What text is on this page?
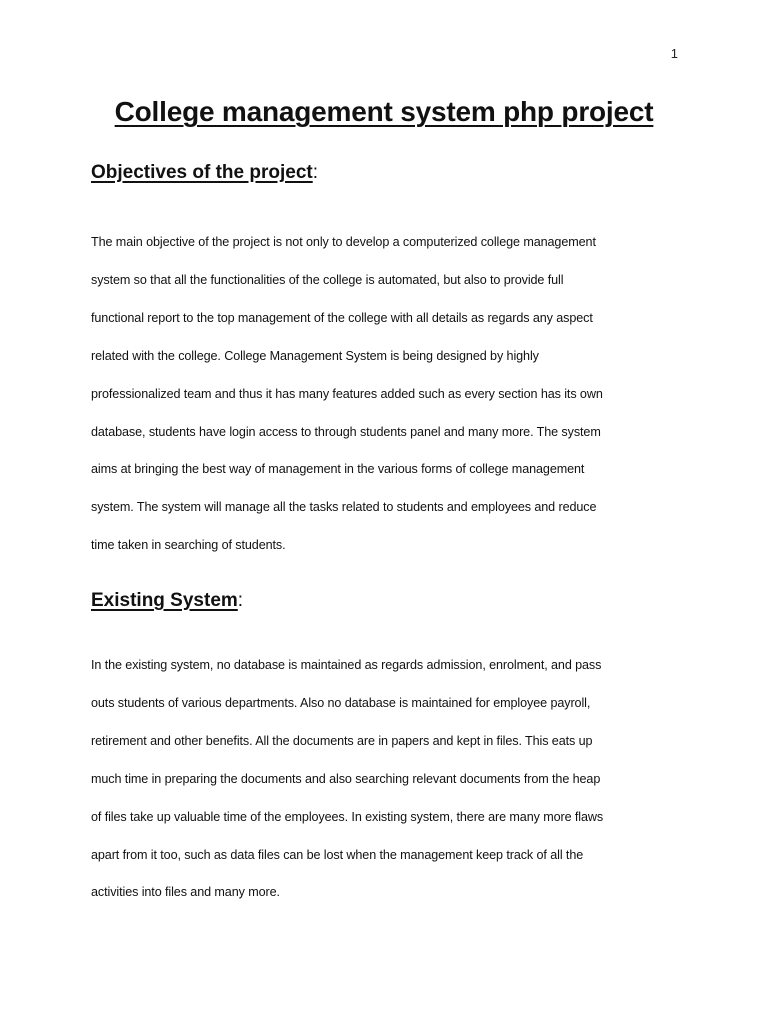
1
College management system php project
Objectives of the project:

The main objective of the project is not only to develop a computerized college management
system so that all the functionalities of the college is automated, but also to provide full
functional report to the top management of the college with all details as regards any aspect
related with the college. College Management System is being designed by highly
professionalized team and thus it has many features added such as every section has its own
database, students have login access to through students panel and many more. The system
aims at bringing the best way of management in the various forms of college management
system. The system will manage all the tasks related to students and employees and reduce
time taken in searching of students.

Existing System:

In the existing system, no database is maintained as regards admission, enrolment, and pass
outs students of various departments. Also no database is maintained for employee payroll,
retirement and other benefits. All the documents are in papers and kept in files. This eats up
much time in preparing the documents and also searching relevant documents from the heap
of files take up valuable time of the employees. In existing system, there are many more flaws
apart from it too, such as data files can be lost when the management keep track of all the
activities into files and many more.
